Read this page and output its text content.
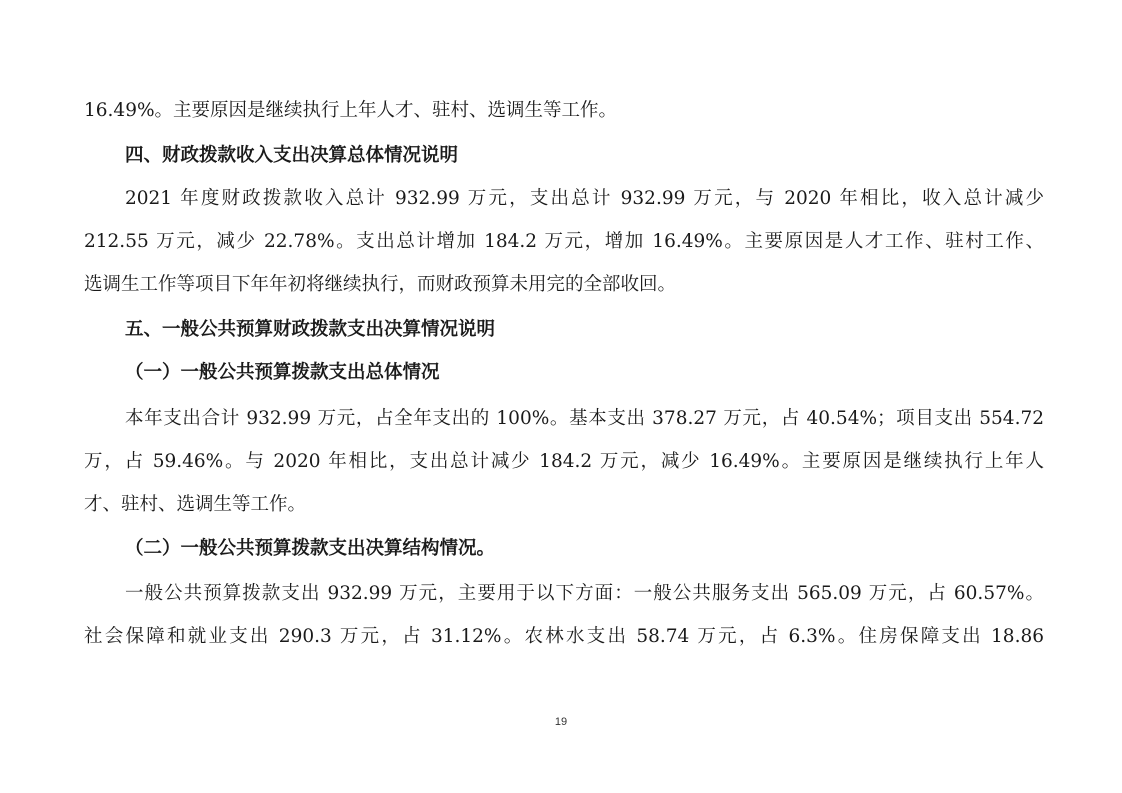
16.49%。主要原因是继续执行上年人才、驻村、选调生等工作。
四、财政拨款收入支出决算总体情况说明
2021 年度财政拨款收入总计 932.99 万元，支出总计 932.99 万元，与 2020 年相比，收入总计减少
212.55 万元，减少 22.78%。支出总计增加 184.2 万元，增加 16.49%。主要原因是人才工作、驻村工作、
选调生工作等项目下年年初将继续执行，而财政预算未用完的全部收回。
五、一般公共预算财政拨款支出决算情况说明
（一）一般公共预算拨款支出总体情况
本年支出合计 932.99 万元，占全年支出的 100%。基本支出 378.27 万元，占 40.54%；项目支出 554.72
万，占 59.46%。与 2020 年相比，支出总计减少 184.2 万元，减少 16.49%。主要原因是继续执行上年人
才、驻村、选调生等工作。
（二）一般公共预算拨款支出决算结构情况。
一般公共预算拨款支出 932.99 万元，主要用于以下方面：一般公共服务支出 565.09 万元，占 60.57%。
社会保障和就业支出 290.3 万元，占 31.12%。农林水支出 58.74 万元，占 6.3%。住房保障支出 18.86
19
